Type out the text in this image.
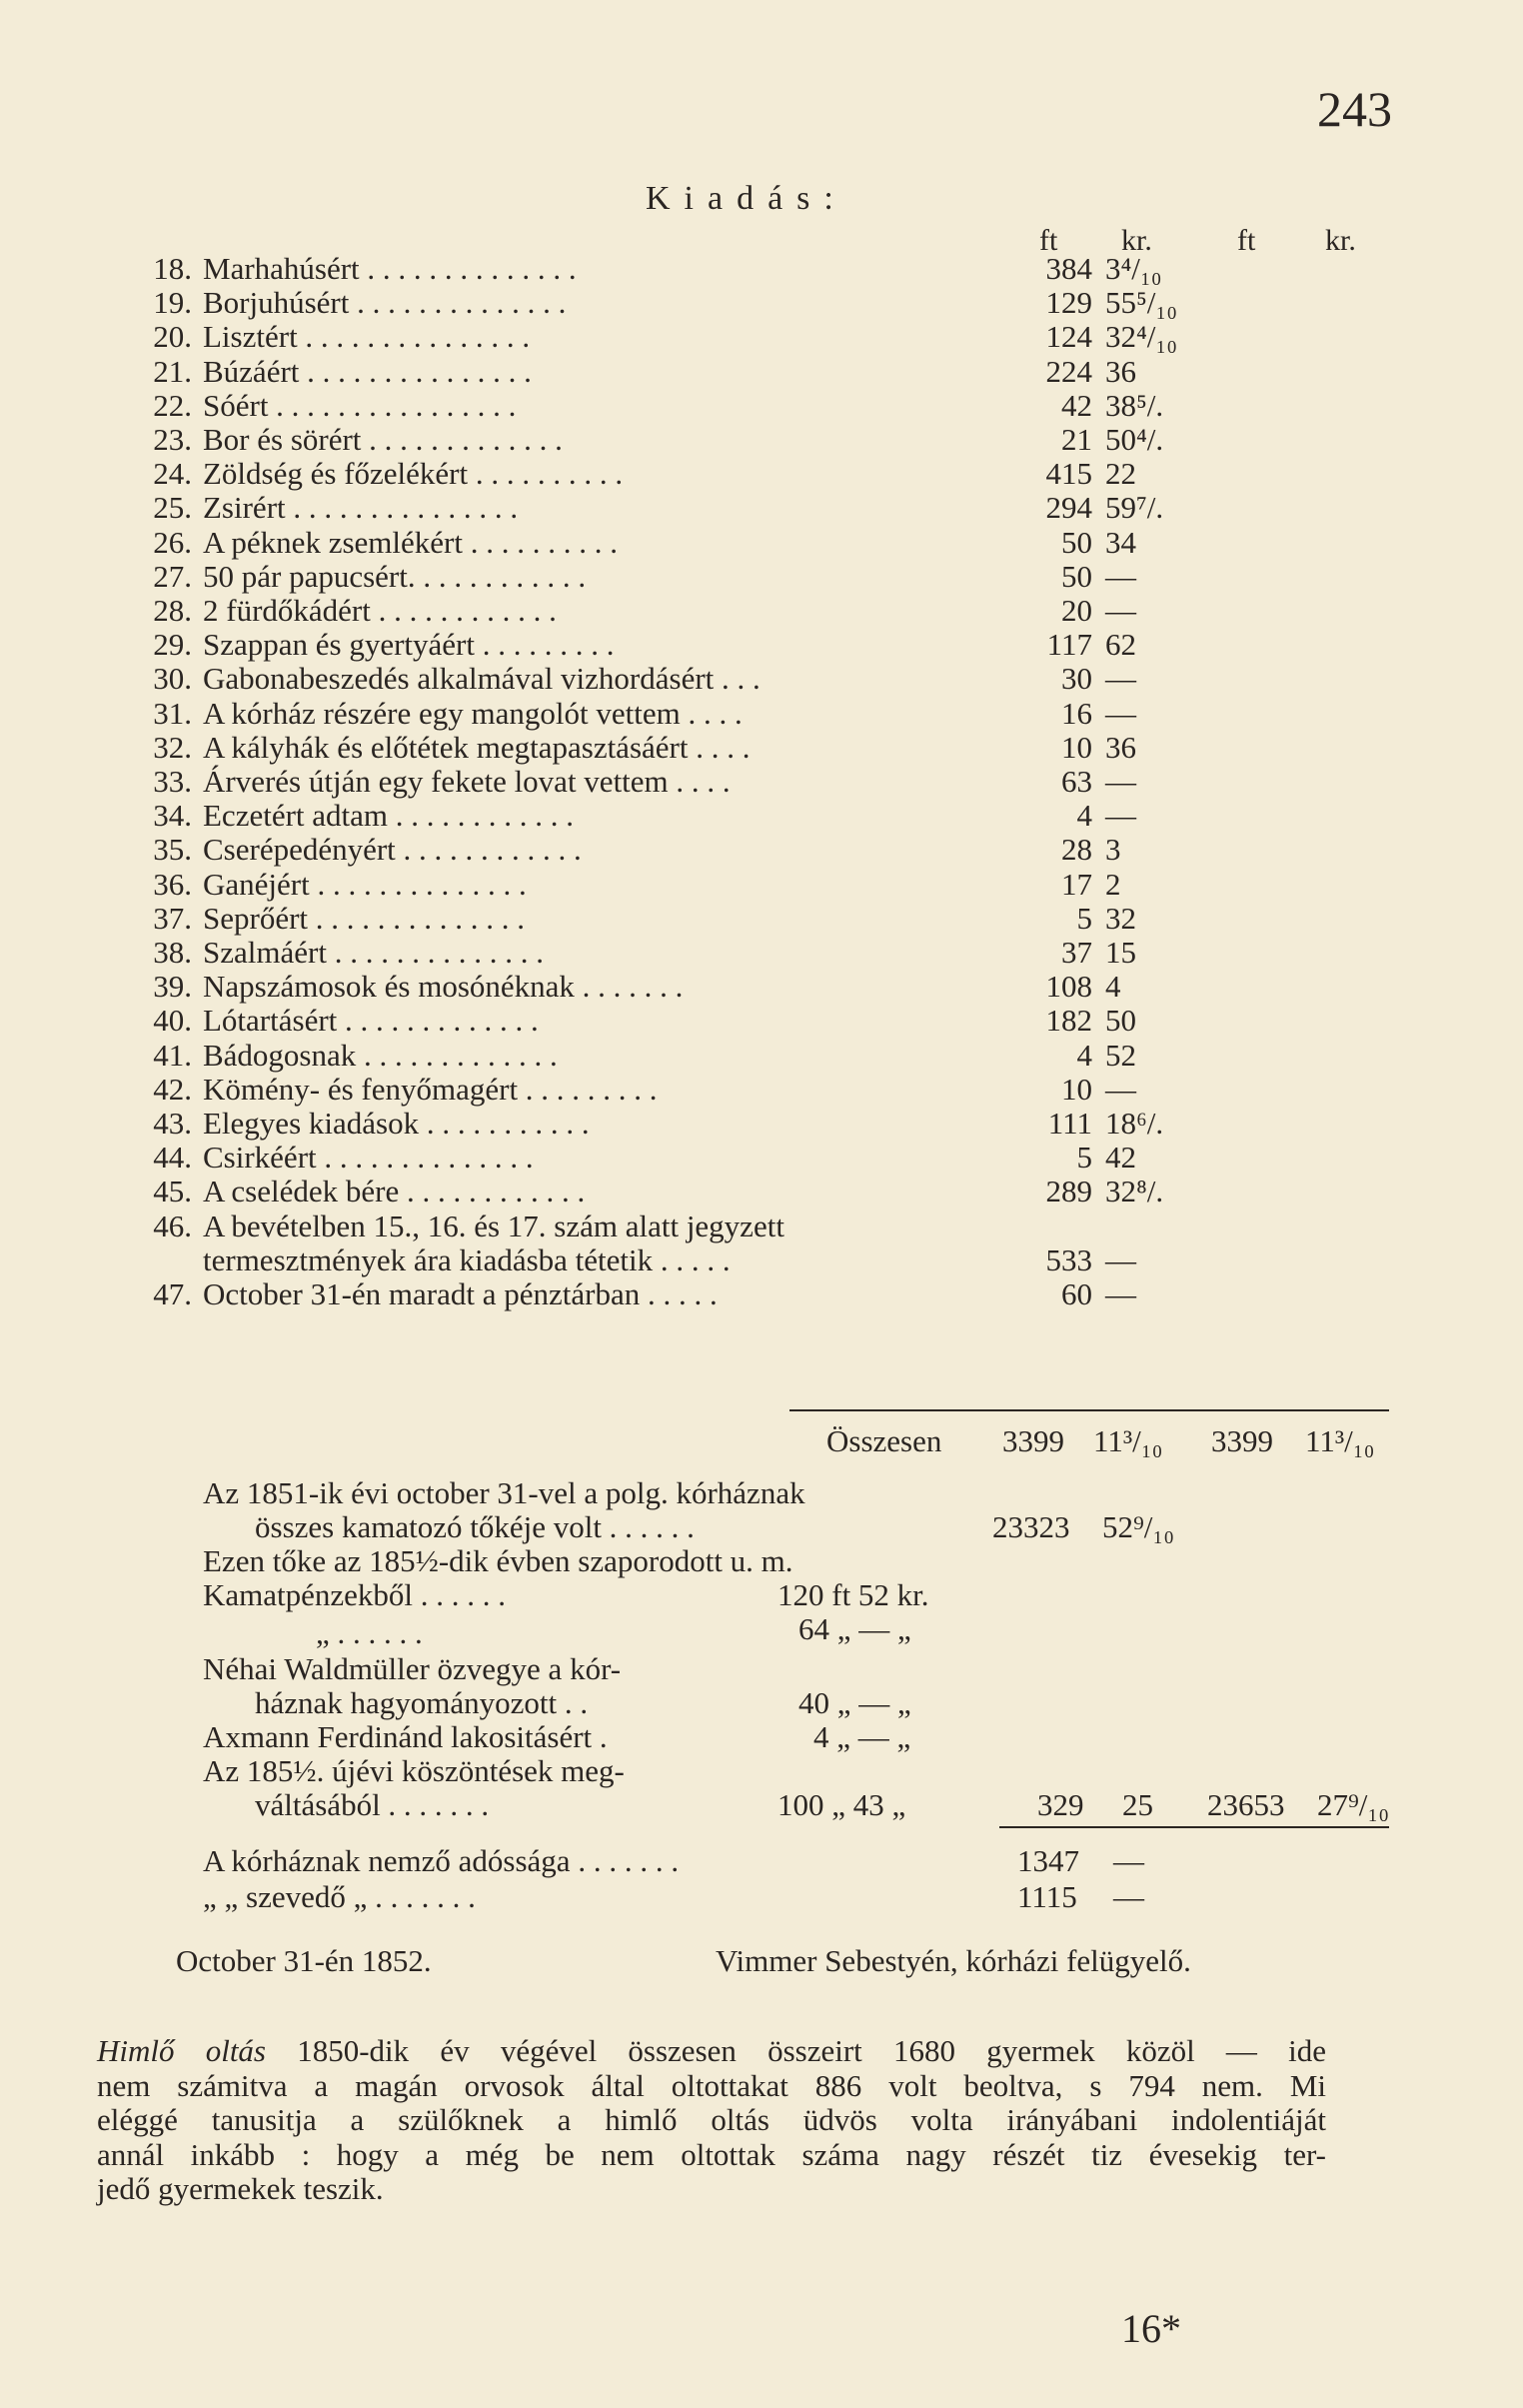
243
Kiadás:
ft kr.	ft kr.
18. Marhahúsért . . . . . . . . . . . . . .	384 3⁴/₁₀
19. Borjuhúsért . . . . . . . . . . . . . .	129 55⁵/₁₀
20. Lisztért . . . . . . . . . . . . . . .	124 32⁴/₁₀
21. Búzáért . . . . . . . . . . . . . . .	224 36
22. Sóért . . . . . . . . . . . . . . . .	42 38⁵/.
23. Bor és sörért . . . . . . . . . . . . .	21 50⁴/.
24. Zöldség és főzelékért . . . . . . . . . .	415 22
25. Zsirért . . . . . . . . . . . . . . .	294 59⁷/.
26. A péknek zsemlékért . . . . . . . . . .	50 34
27. 50 pár papucsért. . . . . . . . . . . .	50 —
28. 2 fürdőkádért . . . . . . . . . . . .	20 —
29. Szappan és gyertyáért . . . . . . . . .	117 62
30. Gabonabeszedés alkalmával vizhordásért . . .	30 —
31. A kórház részére egy mangolót vettem . . . .	16 —
32. A kályhák és előtétek megtapasztásáért . . . .	10 36
33. Árverés útján egy fekete lovat vettem . . . .	63 —
34. Eczetért adtam . . . . . . . . . . . .	4 —
35. Cserépedényért . . . . . . . . . . . .	28 3
36. Ganéjért . . . . . . . . . . . . . .	17 2
37. Seprőért . . . . . . . . . . . . . .	5 32
38. Szalmáért . . . . . . . . . . . . . .	37 15
39. Napszámosok és mosónéknak . . . . . . .	108 4
40. Lótartásért . . . . . . . . . . . . .	182 50
41. Bádogosnak . . . . . . . . . . . . .	4 52
42. Kömény- és fenyőmagért . . . . . . . . .	10 —
43. Elegyes kiadások . . . . . . . . . . .	111 18⁶/.
44. Csirkéért . . . . . . . . . . . . . .	5 42
45. A cselédek bére . . . . . . . . . . . .	289 32⁸/.
46. A bevételben 15., 16. és 17. szám alatt jegyzett
termesztmények ára kiadásba tétetik . . . . .	533 —
47. October 31-én maradt a pénztárban . . . . .	60 —
Összesen 3399 11³/₁₀ 3399 11³/₁₀
Az 1851-ik évi october 31-vel a polg. kórháznak
összes kamatozó tőkéje volt . . . . . .	23323 52⁹/₁₀
Ezen tőke az 185½-dik évben szaporodott u. m.
Kamatpénzekből . . . . . .	120 ft 52 kr.
„ . . . . . .	64 „ — „
Néhai Waldmüller özvegye a kór-
háznak hagyományozott . .	40 „ — „
Axmann Ferdinánd lakositásért .	4 „ — „
Az 185½. újévi köszöntések meg-
váltásából . . . . . . .	100 „ 43 „	329 25 23653 27⁹/₁₀
A kórháznak nemző adóssága . . . . . . .	1347 —
„ „ szevedő „ . . . . . . .	1115 —
October 31-én 1852.	Vimmer Sebestyén, kórházi felügyelő.
Himlő oltás 1850-dik év végével összesen összeirt 1680 gyermek közöl — ide
nem számitva a magán orvosok által oltottakat 886 volt beoltva, s 794 nem. Mi
eléggé tanusitja a szülőknek a himlő oltás üdvös volta irányábani indolentiáját
annál inkább : hogy a még be nem oltottak száma nagy részét tiz évesekig ter-
jedő gyermekek teszik.
16*
